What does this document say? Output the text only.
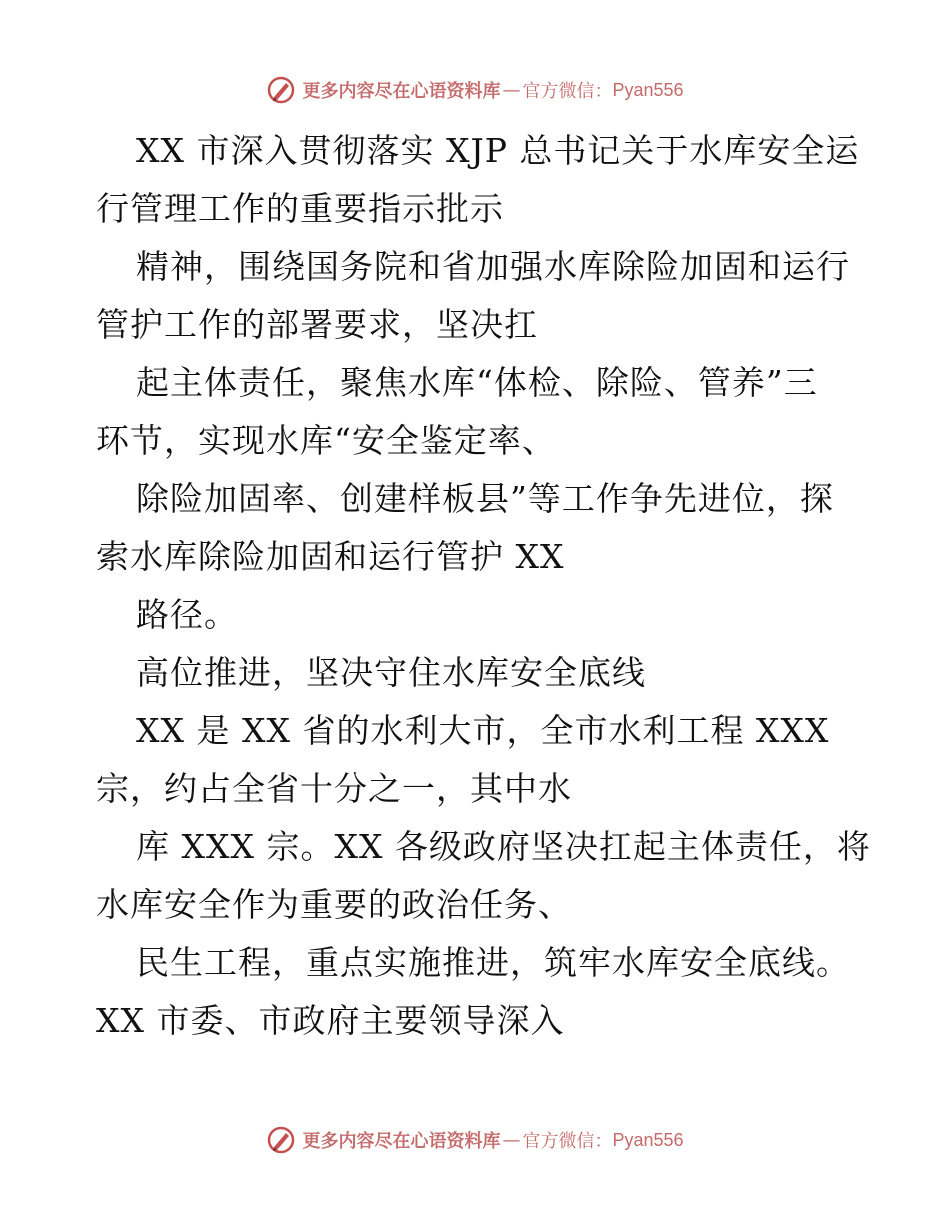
更多内容尽在心语资料库 — 官方微信： Pyan556
XX 市深入贯彻落实 XJP 总书记关于水库安全运
行管理工作的重要指示批示
精神，围绕国务院和省加强水库除险加固和运行
管护工作的部署要求，坚决扛
起主体责任，聚焦水库“体检、除险、管养”三
环节，实现水库“安全鉴定率、
除险加固率、创建样板县”等工作争先进位，探
索水库除险加固和运行管护 XX
路径。
高位推进，坚决守住水库安全底线
XX 是 XX 省的水利大市，全市水利工程 XXX
宗，约占全省十分之一，其中水
库 XXX 宗。XX 各级政府坚决扛起主体责任，将
水库安全作为重要的政治任务、
民生工程，重点实施推进，筑牢水库安全底线。
XX 市委、市政府主要领导深入
更多内容尽在心语资料库 — 官方微信： Pyan556
